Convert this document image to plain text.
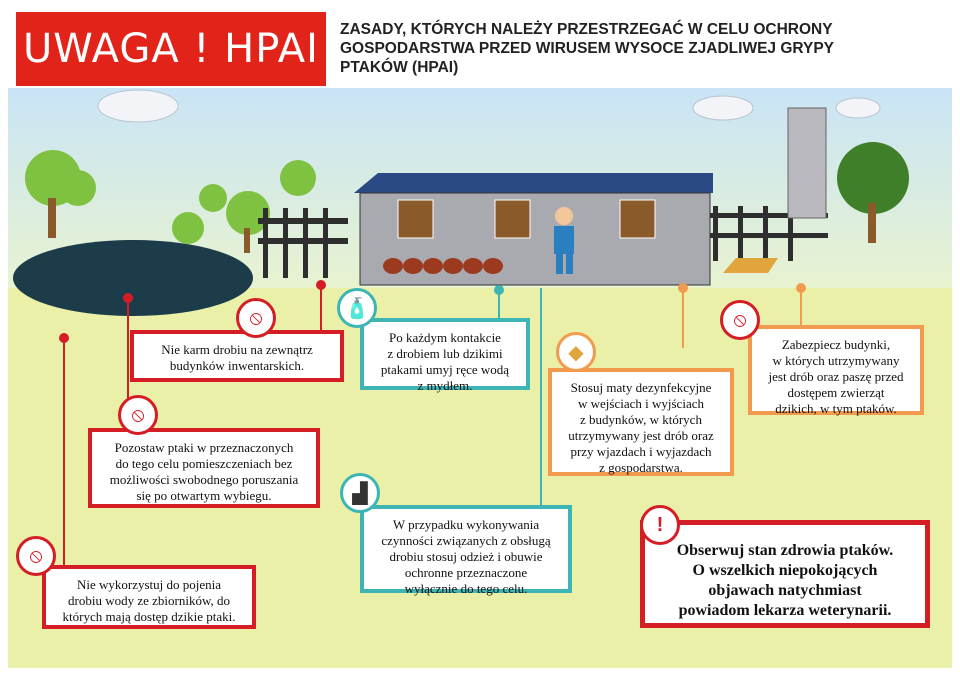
UWAGA ! HPAI ZASADY, KTÓRYCH NALEŻY PRZESTRZEGAĆ W CELU OCHRONY
GOSPODARSTWA PRZED WIRUSEM WYSOCE ZJADLIWEJ GRYPY
PTAKÓW (HPAI)
Nie karm drobiu na zewnątrz
budynków inwentarskich.
⦸
Pozostaw ptaki w przeznaczonych
do tego celu pomieszczeniach bez
możliwości swobodnego poruszania
się po otwartym wybiegu.
⦸
Nie wykorzystuj do pojenia
drobiu wody ze zbiorników, do
których mają dostęp dzikie ptaki.
⦸
Po każdym kontakcie
z drobiem lub dzikimi
ptakami umyj ręce wodą
z mydłem.
🧴
W przypadku wykonywania
czynności związanych z obsługą
drobiu stosuj odzież i obuwie
ochronne przeznaczone
wyłącznie do tego celu.
▟
Stosuj maty dezynfekcyjne
w wejściach i wyjściach
z budynków, w których
utrzymywany jest drób oraz
przy wjazdach i wyjazdach
z gospodarstwa.
◆	Zabezpiecz budynki,
w których utrzymywany
jest drób oraz paszę przed
dostępem zwierząt
dzikich, w tym ptaków.
⦸
Obserwuj stan zdrowia ptaków.
O wszelkich niepokojących
objawach natychmiast
powiadom lekarza weterynarii.
!
